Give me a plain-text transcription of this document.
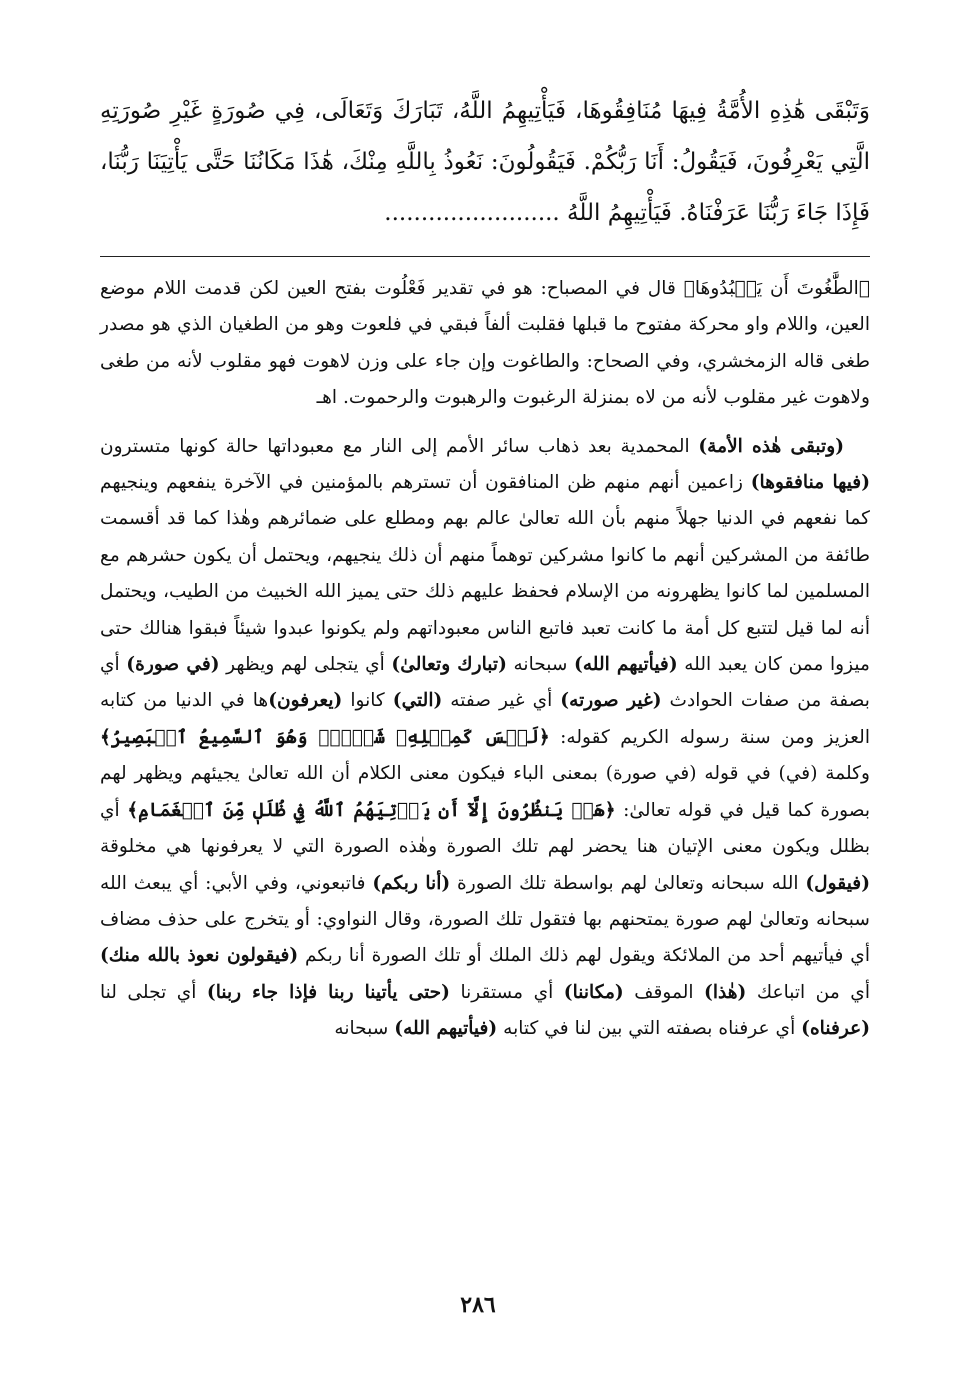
وَتَبْقَى هَٰذِهِ الأُمَّةُ فِيهَا مُنَافِقُوهَا، فَيَأْتِيهِمُ اللَّهُ، تَبَارَكَ وَتَعَالَى، فِي صُورَةٍ غَيْرِ صُورَتِهِ الَّتِي يَعْرِفُونَ، فَيَقُولُ: أَنَا رَبُّكُمْ. فَيَقُولُونَ: نَعُوذُ بِاللَّهِ مِنْكَ، هَٰذَا مَكَانُنَا حَتَّى يَأْتِيَنَا رَبُّنَا، فَإِذَا جَاءَ رَبُّنَا عَرَفْنَاهُ. فَيَأْتِيهِمُ اللَّهُ ........................

﴿الطَّٰغُوتَ أَن يَعۡبُدُوهَا﴾ قال في المصباح: هو في تقدير فَعْلُوت بفتح العين لكن قدمت اللام موضع العين، واللام واو محركة مفتوح ما قبلها فقلبت ألفاً فبقي في فلعوت وهو من الطغيان الذي هو مصدر طغى قاله الزمخشري، وفي الصحاح: والطاغوت وإن جاء على وزن لاهوت فهو مقلوب لأنه من طغى ولاهوت غير مقلوب لأنه من لاه بمنزلة الرغبوت والرهبوت والرحموت. اهـ

(وتبقى هٰذه الأمة) المحمدية بعد ذهاب سائر الأمم إلى النار مع معبوداتها حالة كونها متسترون (فيها منافقوها) زاعمين أنهم منهم ظن المنافقون أن تسترهم بالمؤمنين في الآخرة ينفعهم وينجيهم كما نفعهم في الدنيا جهلاً منهم بأن الله تعالىٰ عالم بهم ومطلع على ضمائرهم وهٰذا كما قد أقسمت طائفة من المشركين أنهم ما كانوا مشركين توهماً منهم أن ذلك ينجيهم، ويحتمل أن يكون حشرهم مع المسلمين لما كانوا يظهرونه من الإسلام فحفظ عليهم ذلك حتى يميز الله الخبيث من الطيب، ويحتمل أنه لما قيل لتتبع كل أمة ما كانت تعبد فاتبع الناس معبوداتهم ولم يكونوا عبدوا شيئاً فبقوا هنالك حتى ميزوا ممن كان يعبد الله (فيأتيهم الله) سبحانه (تبارك وتعالىٰ) أي يتجلى لهم ويظهر (في صورة) أي بصفة من صفات الحوادث (غير صورته) أي غير صفته (التي) كانوا (يعرفون)ها في الدنيا من كتابه العزيز ومن سنة رسوله الكريم كقوله: ﴿لَيۡسَ كَمِثۡلِهِۦ شَيۡءٞۖ وَهُوَ ٱلسَّمِيعُ ٱلۡبَصِيرُ﴾ وكلمة (في) في قوله (في صورة) بمعنى الباء فيكون معنى الكلام أن الله تعالىٰ يجيئهم ويظهر لهم بصورة كما قيل في قوله تعالىٰ: ﴿هَلۡ يَنظُرُونَ إِلَّآ أَن يَأۡتِيَهُمُ ٱللَّهُ فِي ظُلَلٖ مِّنَ ٱلۡغَمَامِ﴾ أي بظلل ويكون معنى الإتيان هنا يحضر لهم تلك الصورة وهٰذه الصورة التي لا يعرفونها هي مخلوقة (فيقول) الله سبحانه وتعالىٰ لهم بواسطة تلك الصورة (أنا ربكم) فاتبعوني، وفي الأبي: أي يبعث الله سبحانه وتعالىٰ لهم صورة يمتحنهم بها فتقول تلك الصورة، وقال النواوي: أو يتخرج على حذف مضاف أي فيأتيهم أحد من الملائكة ويقول لهم ذلك الملك أو تلك الصورة أنا ربكم (فيقولون نعوذ بالله منك) أي من اتباعك (هٰذا) الموقف (مكاننا) أي مستقرنا (حتى يأتينا ربنا فإذا جاء ربنا) أي تجلى لنا (عرفناه) أي عرفناه بصفته التي بين لنا في كتابه (فيأتيهم الله) سبحانه

٢٨٦
